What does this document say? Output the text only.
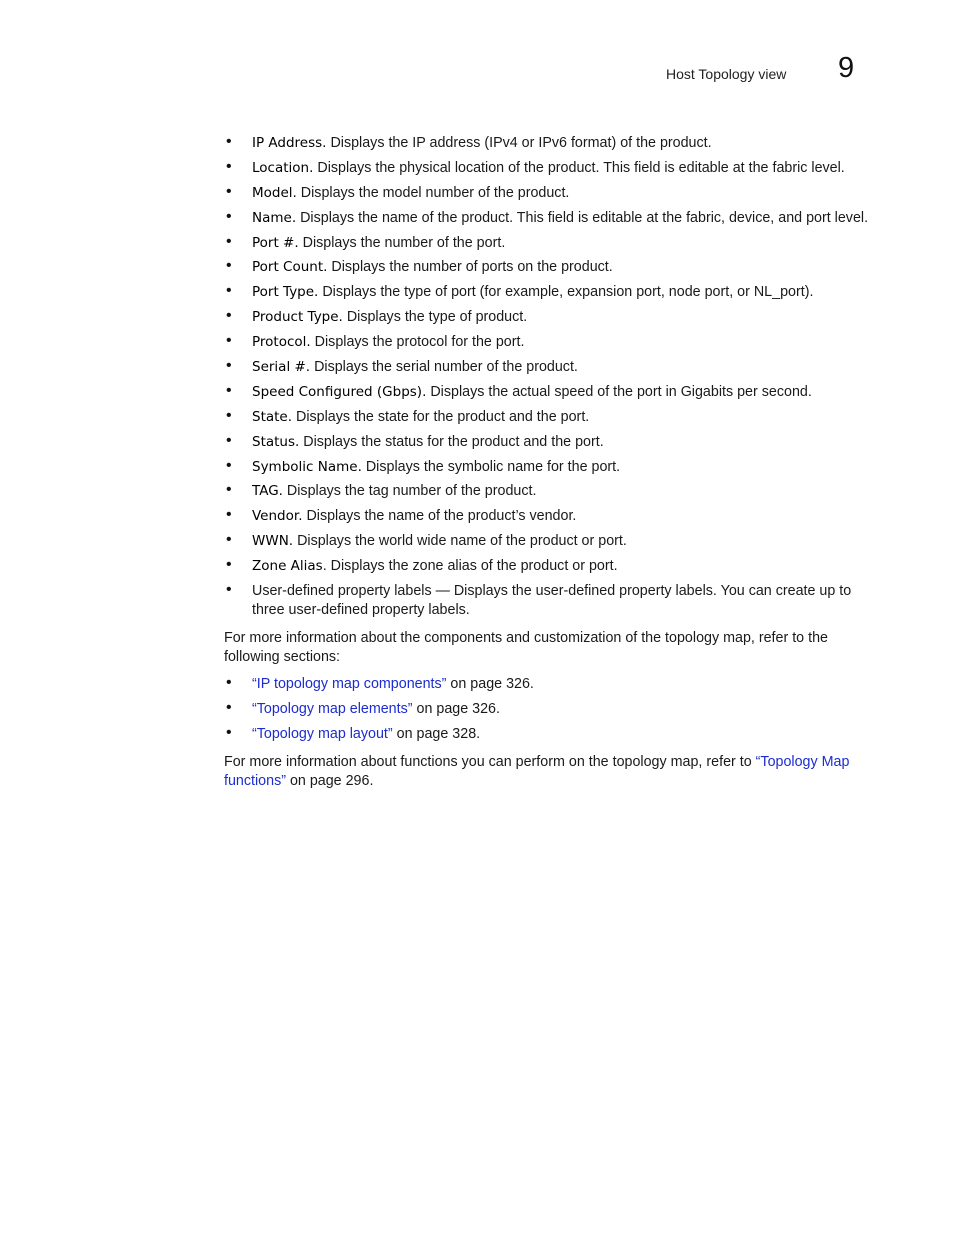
Host Topology view 9
• IP Address. Displays the IP address (IPv4 or IPv6 format) of the product.
• Location. Displays the physical location of the product. This field is editable at the fabric level.
• Model. Displays the model number of the product.
• Name. Displays the name of the product. This field is editable at the fabric, device, and port level.
• Port #. Displays the number of the port.
• Port Count. Displays the number of ports on the product.
• Port Type. Displays the type of port (for example, expansion port, node port, or NL_port).
• Product Type. Displays the type of product.
• Protocol. Displays the protocol for the port.
• Serial #. Displays the serial number of the product.
• Speed Configured (Gbps). Displays the actual speed of the port in Gigabits per second.
• State. Displays the state for the product and the port.
• Status. Displays the status for the product and the port.
• Symbolic Name. Displays the symbolic name for the port.
• TAG. Displays the tag number of the product.
• Vendor. Displays the name of the product’s vendor.
• WWN. Displays the world wide name of the product or port.
• Zone Alias. Displays the zone alias of the product or port.
• User-defined property labels — Displays the user-defined property labels. You can create up to three user-defined property labels.

For more information about the components and customization of the topology map, refer to the following sections:

• “IP topology map components” on page 326.
• “Topology map elements” on page 326.
• “Topology map layout” on page 328.

For more information about functions you can perform on the topology map, refer to “Topology Map functions” on page 296.
